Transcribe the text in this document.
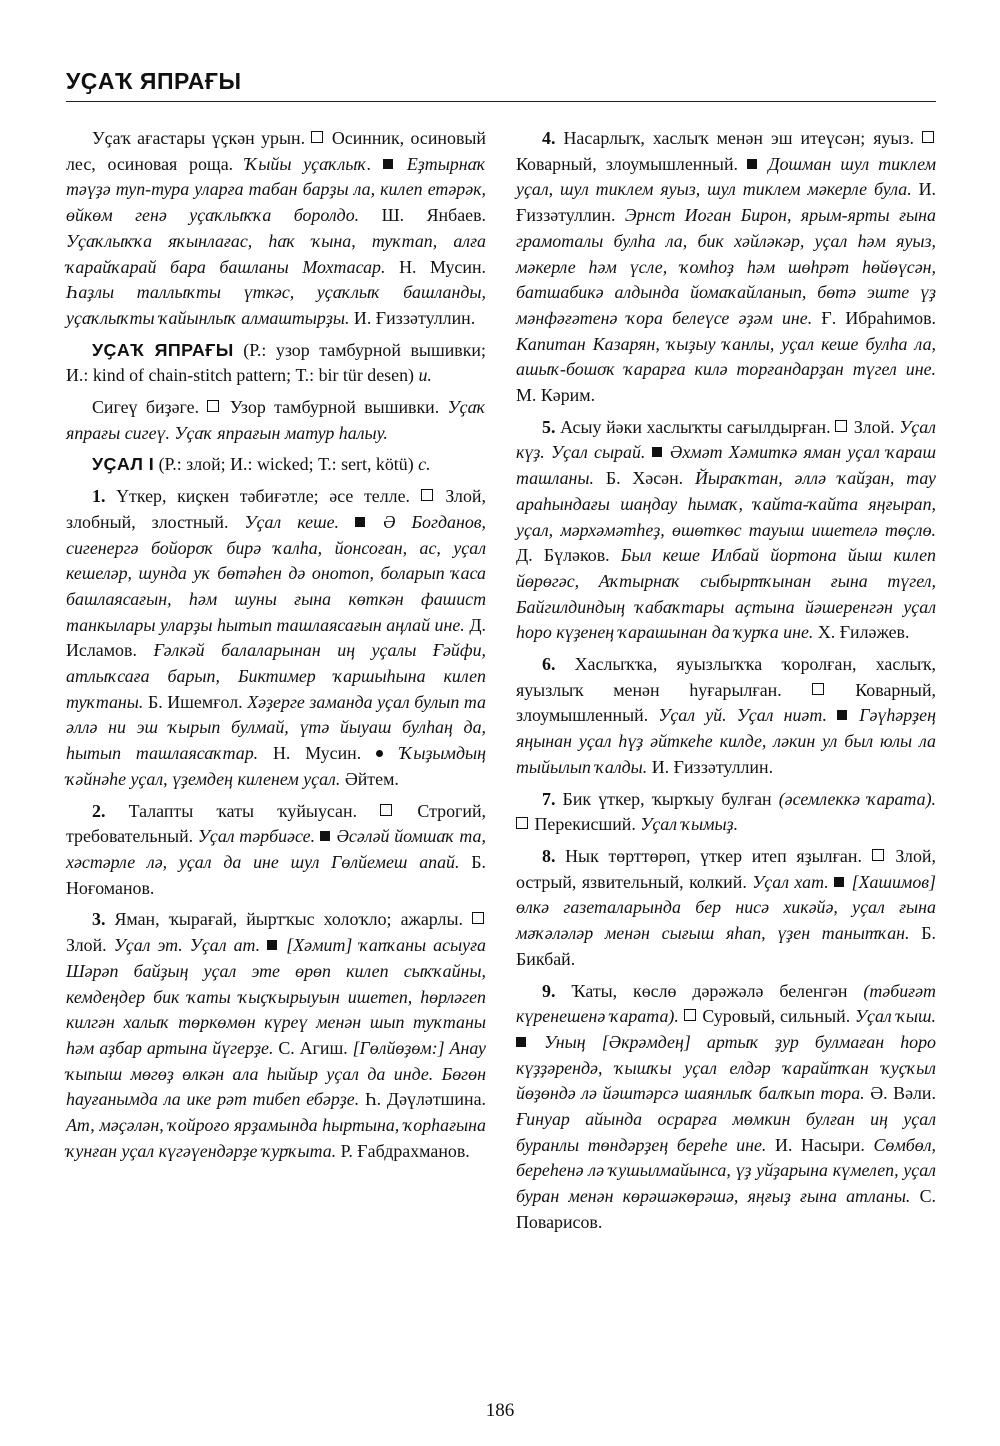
УҪАҠ ЯПРАҒЫ

Уҫаҡ ағастары үҫкән урын. Осинник, осиновый лес, осиновая роща. Ҡыйы уҫаҡлыҡ. Еҙтырнаҡ тәүҙә туп-тура уларға табан барҙы ла, килеп етәрәк, өйкөм генә уҫаҡлыҡҡа боролдо. Ш. Янбаев. Уҫаҡлыҡҡа яҡынлағас, һаҡ ҡына, туҡтап, алға ҡарайҡарай бара башланы Мохтасар. Н. Мусин. Һаҙлы таллыҡты үткәс, уҫаҡлыҡ башланды, уҫаҡлыҡты ҡайынлыҡ алмаштырҙы. И. Ғиззәтуллин.

УҪАҠ ЯПРАҒЫ (Р.: узор тамбурной вышивки; И.: kind of chain-stitch pattern; Т.: bir tür desen) и.

Сигеү биҙәге. Узор тамбурной вышивки. Уҫаҡ япрағы сигеү. Уҫаҡ япрағын матур һалыу.

УҪАЛ I (Р.: злой; И.: wicked; Т.: sert, kötü) с.

1. Үткер, киҫкен тәбиғәтле; әсе телле. Злой, злобный, злостный. Уҫал кеше. Ә Богданов, сигенергә бойороҡ бирә ҡалһа, йонсоған, ас, уҫал кешеләр, шунда уҡ бөтәһен дә онотоп, боларып ҡаса башлаясағын, һәм шуны ғына көткән фашист танкылары уларҙы һытып ташлаясағын аңлай ине. Д. Исламов. Ғәлкәй балаларынан иң уҫалы Ғәйфи, атлыҡсаға барып, Биктимер ҡаршыһына килеп туҡтаны. Б. Ишемғол. Хәҙерге заманда уҫал булып та әллә ни эш ҡырып булмай, үтә йыуаш булһаң да, һытып ташлаясаҡтар. Н. Мусин. Ҡыҙымдың ҡәйнәһе уҫал, үҙемдең киленем уҫал. Әйтем.

2. Талапты ҡаты ҡуйыусан.	Строгий, требовательный. Уҫал тәрбиәсе. Әсәләй йомшаҡ та, хәстәрле лә, уҫал да ине шул Гөлйемеш апай. Б. Ноғоманов.

3. Яман, ҡырағай, йыртҡыс холоҡло; ажарлы.  Злой. Уҫал эт. Уҫал ат. [Хәмит] ҡапҡаны асыуға Шәрәп байҙың уҫал эте өрөп килеп сыҡҡайны, кемдеңдер бик ҡаты ҡыҫҡырыуын ишетеп, һөрләгеп килгән халыҡ төркөмөн күреү менән шып туҡтаны һәм аҙбар артына йүгерҙе. С. Агиш. [Гөлйөҙөм:] Анау ҡыпыш мөгөҙ өлкән ала һыйыр уҫал да инде. Бөгөн һауғанымда ла ике рәт тибеп ебәрҙе. Һ. Дәүләтшина. Ат, мәҫәлән, ҡойроғо ярҙамында һыртына, ҡорһағына ҡунған уҫал күгәүендәрҙе ҡурҡыта. Р. Ғабдрахманов.

4. Насарлыҡ, хаслыҡ менән эш итеүсән; яуыз.  Коварный, злоумышленный. Дошман шул тиклем уҫал, шул тиклем яуыз, шул тиклем мәкерле була. И. Ғиззәтуллин. Эрнст Иоган Бирон, ярым-ярты ғына грамоталы булһа ла, бик хәйләкәр, уҫал һәм яуыз, мәкерле һәм үсле, ҡомһоҙ һәм шөһрәт һөйөүсән, батшабикә алдында йомаҡайланып, бөтә эште үҙ мәнфәғәтенә ҡора белеүсе әҙәм ине. Ғ. Ибраһимов. Капитан Казарян, ҡыҙыу ҡанлы, уҫал кеше булһа ла, ашыҡ-бошоҡ ҡарарға килә торғандарҙан түгел ине. М. Кәрим.

5. Асыу йәки хаслыҡты сағылдырған. Злой. Уҫал күҙ. Уҫал сырай. Әхмәт Хәмиткә яман уҫал ҡараш ташланы. Б. Хәсән. Йыраҡтан, әллә ҡайҙан, тау араһындағы шаңдау һымаҡ, ҡайта-ҡайта яңғырап, уҫал, мәрхәмәтһеҙ, өшөткөс тауыш ишетелә төҫлө. Д. Бүләков. Был кеше Илбай йортона йыш килеп йөрөгәс, Аҡтырнаҡ сыбыртҡынан ғына түгел, Байгилдиндың ҡабаҡтары аҫтына йәшеренгән уҫал һоро күҙенең ҡарашынан да ҡурҡа ине. Х. Ғиләжев.

6. Хаслыҡҡа, яуызлыҡҡа ҡоролған, хаслыҡ, яуызлыҡ менән һуғарылған.	Коварный, злоумышленный. Уҫал уй. Уҫал ниәт. Гәүһәрҙең яңынан уҫал һүҙ әйткеһе килде, ләкин ул был юлы ла тыйылып ҡалды. И. Ғиззәтуллин.

7. Бик үткер, ҡырҡыу булған (әсемлеккә ҡарата).  Перекисший. Уҫал ҡымыҙ.

8. Нык төрттөрөп, үткер итеп яҙылған. Злой, острый, язвительный, колкий. Уҫал хат. [Хашимов] өлкә газеталарында бер нисә хикәйә, уҫал ғына мәҡәләләр менән сығыш яһап, үҙен танытҡан. Б. Бикбай.

9. Ҡаты, көслө дәрәжәлә беленгән (тәбиғәт күренешенә ҡарата). Суровый, сильный. Уҫал ҡыш.  Уның [Әкрәмдең] артыҡ ҙур булмаған һоро күҙҙәрендә, ҡышҡы уҫал елдәр ҡарайтҡан ҡуҫҡыл йөҙөндә лә йәштәрсә шаянлыҡ балҡып тора. Ә. Вәли. Ғинуар айында осрарға мөмкин булған иң уҫал буранлы төндәрҙең береһе ине. И. Насыри. Сөмбөл, береһенә лә ҡушылмайынса, үҙ уйҙарына күмелеп, уҫал буран менән көрәшәкөрәшә, яңғыҙ ғына атланы. С. Поварисов.

186
